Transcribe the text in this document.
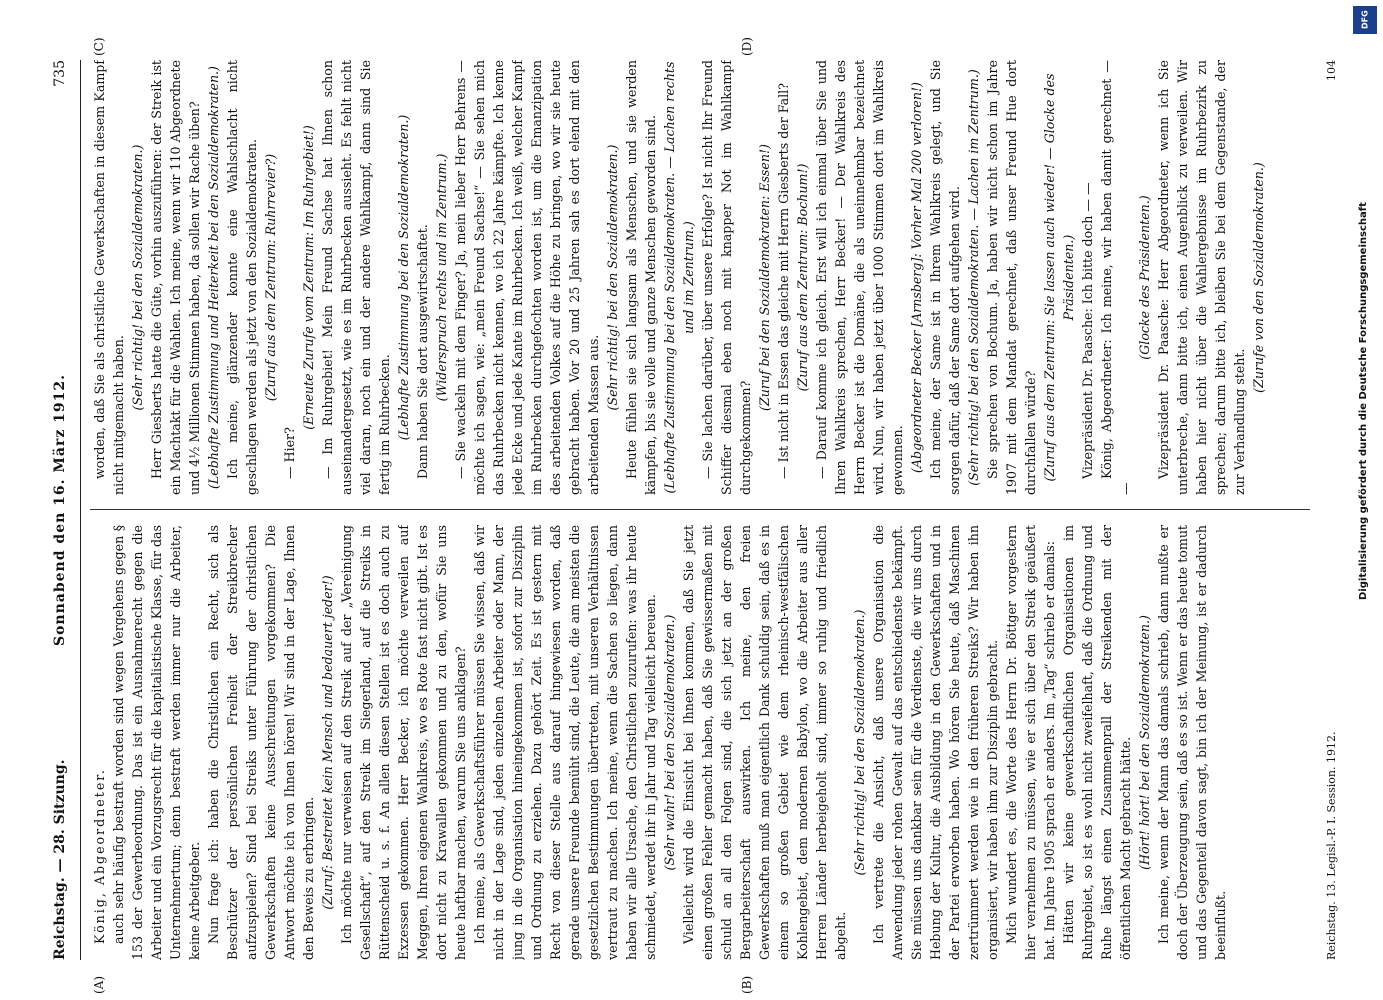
Reichstag. — 28. Sitzung.
Sonnabend den 16. März 1912.
735
(A)	(B)
(C)	(D)

König, Abgeordneter. auch sehr häufig bestraft worden sind wegen Vergehens gegen § 153 der Gewerbeordnung. Das ist ein Ausnahmerecht gegen die Arbeiter und ein Vorzugsrecht für die kapitalistische Klasse, für das Unternehmertum; denn bestraft werden immer nur die Arbeiter, keine Arbeitgeber. Nun frage ich: haben die Christlichen ein Recht, sich als Beschützer der persönlichen Freiheit der Streikbrecher aufzuspielen? Sind bei Streiks unter Führung der christlichen Gewerkschaften keine Ausschreitungen vorgekommen? Die Antwort möchte ich von Ihnen hören! Wir sind in der Lage, Ihnen den Beweis zu erbringen. (Zuruf: Bestreitet kein Mensch und bedauert jeder!) Ich möchte nur verweisen auf den Streik auf der „Vereinigung Gesellschaft“, auf den Streik im Siegerland, auf die Streiks in Rüttenscheid u. s. f. An allen diesen Stellen ist es doch auch zu Exzessen gekommen. Herr Becker, ich möchte verweilen auf Meggen, Ihren eigenen Wahlkreis, wo es Rote fast nicht gibt. Ist es dort nicht zu Krawallen gekommen und zu den, wofür Sie uns heute haftbar machen, warum Sie uns anklagen? Ich meine, als Gewerkschaftsführer müssen Sie wissen, daß wir nicht in der Lage sind, jeden einzelnen Arbeiter oder Mann, der jung in die Organisation hineingekommen ist, sofort zur Disziplin und Ordnung zu erziehen. Dazu gehört Zeit. Es ist gestern mit Recht von dieser Stelle aus darauf hingewiesen worden, daß gerade unsere Freunde bemüht sind, die Leute, die am meisten die gesetzlichen Bestimmungen übertreten, mit unseren Verhältnissen vertraut zu machen. Ich meine, wenn die Sachen so liegen, dann haben wir alle Ursache, den Christlichen zuzurufen: was ihr heute schmiedet, werdet ihr in Jahr und Tag vielleicht bereuen. (Sehr wahr! bei den Sozialdemokraten.) Vielleicht wird die Einsicht bei Ihnen kommen, daß Sie jetzt einen großen Fehler gemacht haben, daß Sie gewissermaßen mit schuld an all den Folgen sind, die sich jetzt an der großen Bergarbeiterschaft auswirken. Ich meine, den freien Gewerkschaften muß man eigentlich Dank schuldig sein, daß es in einem so großen Gebiet wie dem rheinisch-westfälischen Kohlengebiet, dem modernen Babylon, wo die Arbeiter aus aller Herren Länder herbeigeholt sind, immer so ruhig und friedlich abgeht.

(Sehr richtig! bei den Sozialdemokraten.) Ich vertrete die Ansicht, daß unsere Organisation die Anwendung jeder rohen Gewalt auf das entschiedenste bekämpft. Sie müssen uns dankbar sein für die Verdienste, die wir uns durch Hebung der Kultur, die Ausbildung in den Gewerkschaften und in der Partei erworben haben. Wo hören Sie heute, daß Maschinen zertrümmert werden wie in den früheren Streiks? Wir haben ihn organisiert, wir haben ihm zur Disziplin gebracht. Mich wundert es, die Worte des Herrn Dr. Böttger vorgestern hier vernehmen zu müssen, wie er sich über den Streik geäußert hat. Im Jahre 1905 sprach er anders. Im „Tag“ schrieb er damals: Hätten wir keine gewerkschaftlichen Organisationen im Ruhrgebiet, so ist es wohl nicht zweifelhaft, daß die Ordnung und Ruhe längst einen Zusammenprall der Streikenden mit der öffentlichen Macht gebracht hätte. (Hört! hört! bei den Sozialdemokraten.) Ich meine, wenn der Mann das damals schrieb, dann mußte er doch der Überzeugung sein, daß es so ist. Wenn er das heute tomut und das Gegenteil davon sagt, bin ich der Meinung, ist er dadurch beeinflußt.

worden, daß Sie als christliche Gewerkschaften in diesem Kampf nicht mitgemacht haben.

(Sehr richtig! bei den Sozialdemokraten.) Herr Giesberts hatte die Güte, vorhin auszuführen: der Streik ist ein Machtakt für die Wahlen. Ich meine, wenn wir 110 Abgeordnete und 4½ Millionen Stimmen haben, da sollen wir Rache üben? (Lebhafte Zustimmung und Heiterkeit bei den Sozialdemokraten.) Ich meine, glänzender konnte eine Wahlschlacht nicht geschlagen werden als jetzt von den Sozialdemokraten. (Zuruf aus dem Zentrum: Ruhrrevier?)

— Hier?

(Erneute Zurufe vom Zentrum: Im Ruhrgebiet!) — Im Ruhrgebiet! Mein Freund Sachse hat Ihnen schon auseinandergesetzt, wie es im Ruhrbecken aussieht. Es fehlt nicht viel daran, noch ein und der andere Wahlkampf, dann sind Sie fertig im Ruhrbecken. (Lebhafte Zustimmung bei den Sozialdemokraten.) Dann haben Sie dort ausgewirtschaftet. (Widerspruch rechts und im Zentrum.) — Sie wackeln mit dem Finger? Ja, mein lieber Herr Behrens — möchte ich sagen, wie: „mein Freund Sachse!“ — Sie sehen mich das Ruhrbecken nicht kennen, wo ich 22 Jahre kämpfte. Ich kenne jede Ecke und jede Kante im Ruhrbecken. Ich weiß, welcher Kampf im Ruhrbecken durchgefochten worden ist, um die Emanzipation des arbeitenden Volkes auf die Höhe zu bringen, wo wir sie heute gebracht haben. Vor 20 und 25 Jahren sah es dort elend mit den arbeitenden Massen aus.

(Sehr richtig! bei den Sozialdemokraten.) Heute fühlen sie sich langsam als Menschen, und sie werden kämpfen, bis sie volle und ganze Menschen geworden sind. (Lebhafte Zustimmung bei den Sozialdemokraten. — Lachen rechts und im Zentrum.) — Sie lachen darüber, über unsere Erfolge? Ist nicht Ihr Freund Schiffer diesmal eben noch mit knapper Not im Wahlkampf durchgekommen?

(Zuruf bei den Sozialdemokraten: Essen!) — Ist nicht in Essen das gleiche mit Herrn Giesberts der Fall? (Zuruf aus dem Zentrum: Bochum!) — Darauf komme ich gleich. Erst will ich einmal über Sie und Ihren Wahlkreis sprechen, Herr Becker! — Der Wahlkreis des Herrn Becker ist die Domäne, die als uneinnehmbar bezeichnet wird. Nun, wir haben jetzt über 1000 Stimmen dort im Wahlkreis gewonnen. (Abgeordneter Becker [Arnsberg]: Vorher Mal 200 verloren!) Ich meine, der Same ist in Ihrem Wahlkreis gelegt, und Sie sorgen dafür, daß der Same dort aufgehen wird. (Sehr richtig! bei den Sozialdemokraten. — Lachen im Zentrum.) Sie sprechen von Bochum. Ja, haben wir nicht schon im Jahre 1907 mit dem Mandat gerechnet, daß unser Freund Hue dort durchfallen würde? (Zuruf aus dem Zentrum: Sie lassen auch wieder! — Glocke des Präsidenten.) Vizepräsident Dr. Paasche: Ich bitte doch — — König, Abgeordneter: Ich meine, wir haben damit gerechnet — —

(Glocke des Präsidenten.) Vizepräsident Dr. Paasche: Herr Abgeordneter, wenn ich Sie unterbreche, dann bitte ich, einen Augenblick zu verweilen. Wir haben hier nicht über die Wahlergebnisse im Ruhrbezirk zu sprechen; darum bitte ich, bleiben Sie bei dem Gegenstande, der zur Verhandlung steht.

(Zurufe von den Sozialdemokraten.)

Reichstag. 13. Legisl.-P. I. Session. 1912.
104
DFG
Digitalisierung gefördert durch die Deutsche Forschungsgemeinschaft
